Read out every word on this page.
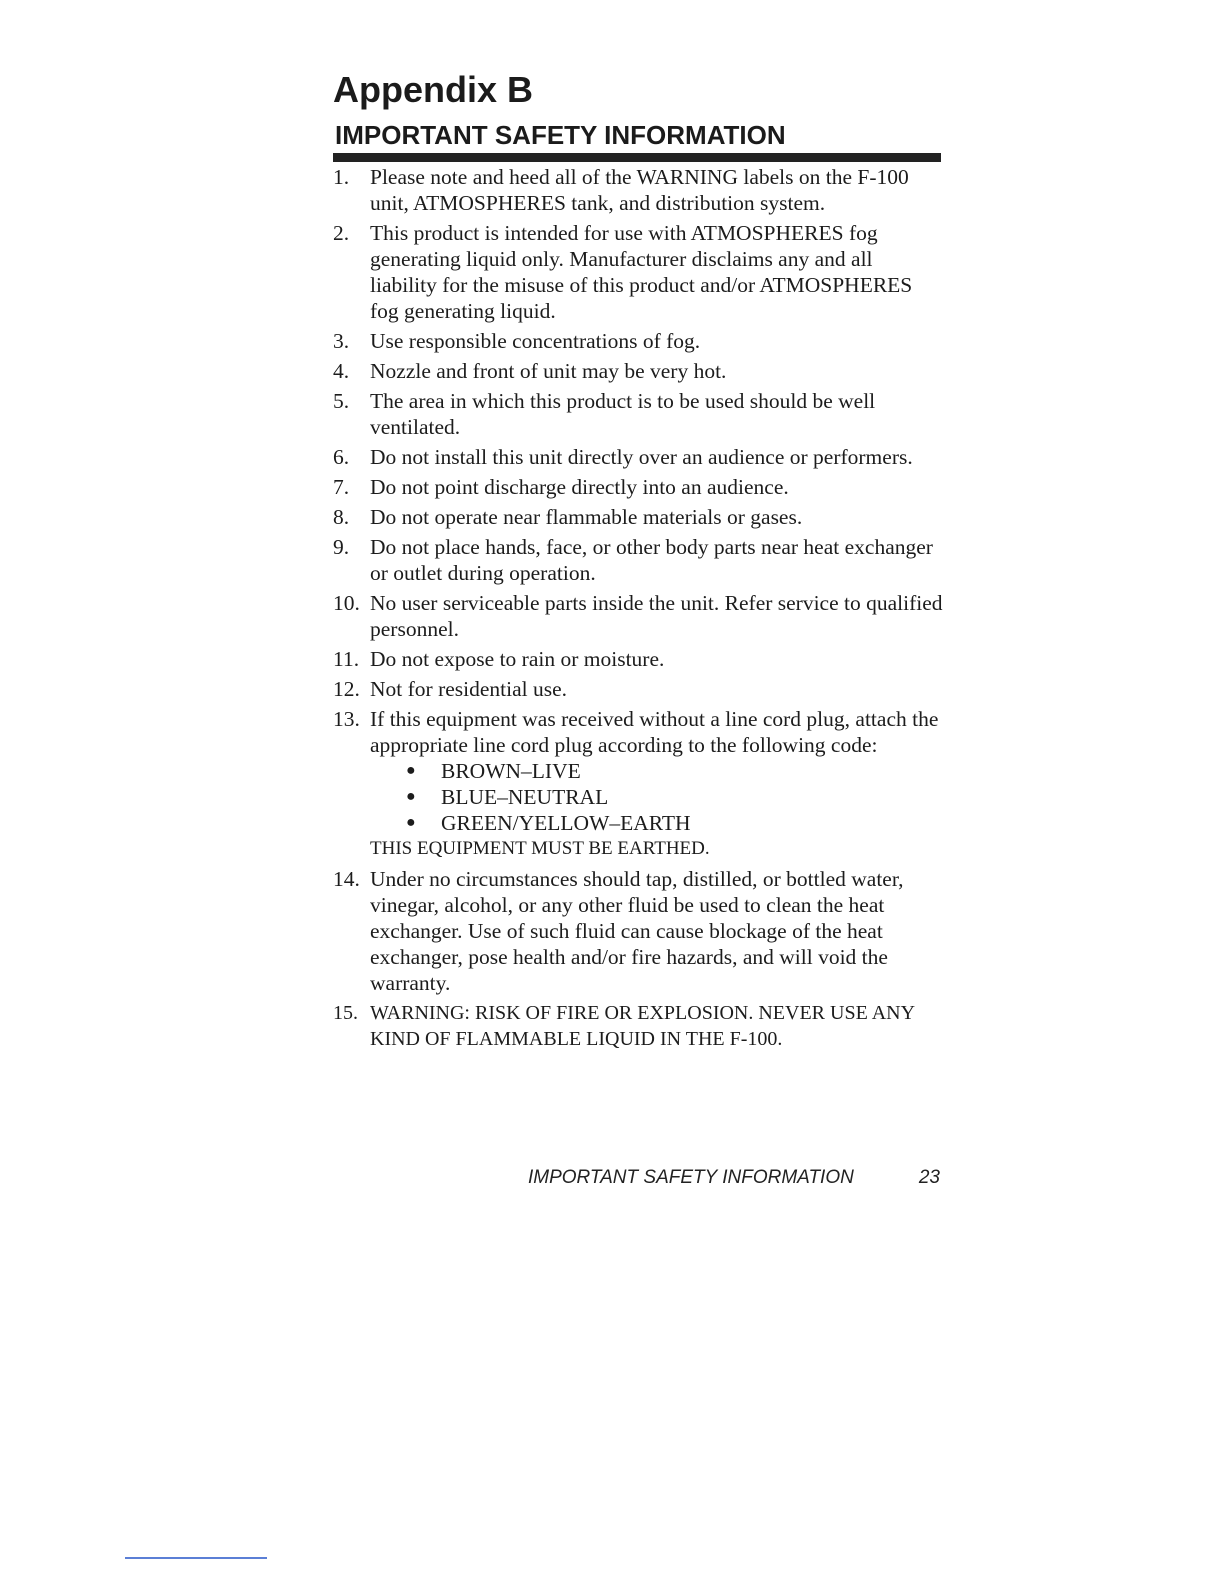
Appendix B
IMPORTANT SAFETY INFORMATION
1. Please note and heed all of the WARNING labels on the F-100 unit, ATMOSPHERES tank, and distribution system.
2. This product is intended for use with ATMOSPHERES fog generating liquid only. Manufacturer disclaims any and all liability for the misuse of this product and/or ATMOSPHERES fog generating liquid.
3. Use responsible concentrations of fog.
4. Nozzle and front of unit may be very hot.
5. The area in which this product is to be used should be well ventilated.
6. Do not install this unit directly over an audience or performers.
7. Do not point discharge directly into an audience.
8. Do not operate near flammable materials or gases.
9. Do not place hands, face, or other body parts near heat exchanger or outlet during operation.
10. No user serviceable parts inside the unit. Refer service to qualified personnel.
11. Do not expose to rain or moisture.
12. Not for residential use.
13. If this equipment was received without a line cord plug, attach the appropriate line cord plug according to the following code:
● BROWN–LIVE
● BLUE–NEUTRAL
● GREEN/YELLOW–EARTH
THIS EQUIPMENT MUST BE EARTHED.
14. Under no circumstances should tap, distilled, or bottled water, vinegar, alcohol, or any other fluid be used to clean the heat exchanger. Use of such fluid can cause blockage of the heat exchanger, pose health and/or fire hazards, and will void the warranty.
15. WARNING: RISK OF FIRE OR EXPLOSION. NEVER USE ANY KIND OF FLAMMABLE LIQUID IN THE F-100.
IMPORTANT SAFETY INFORMATION	23
